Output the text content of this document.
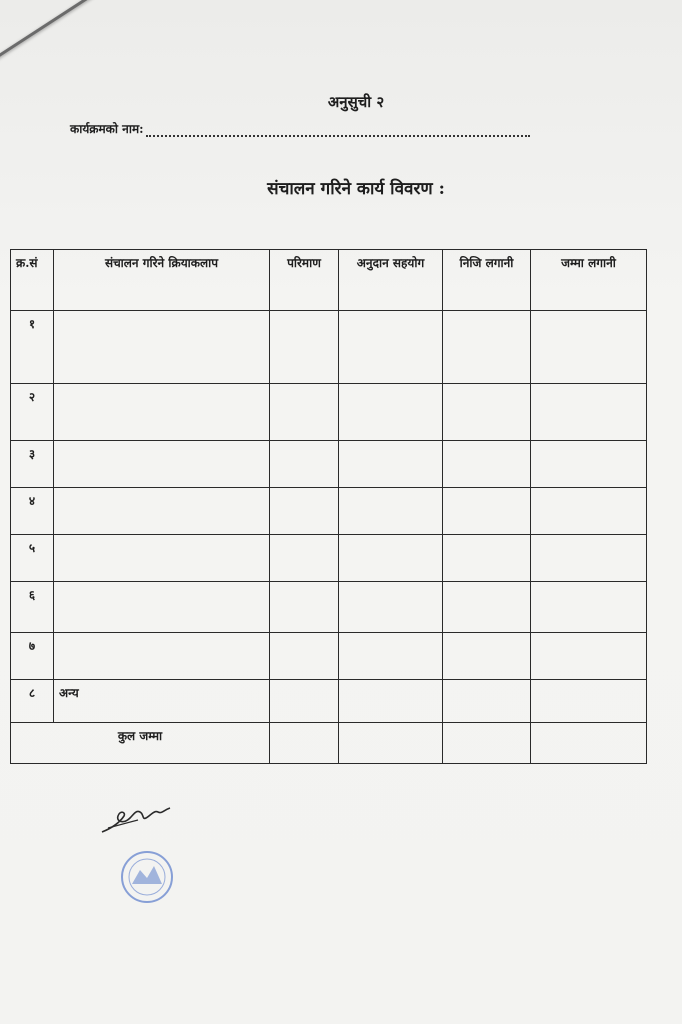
अनुसुची २
कार्यक्रमको नाम:
संचालन गरिने कार्य विवरण :
क्र.सं	संचालन गरिने क्रियाकलाप	परिमाण	अनुदान सहयोग	निजि लगानी	जम्मा लगानी
१					
२					
३					
४					
५					
६					
७					
८	अन्य				
कुल जम्मा					
​
